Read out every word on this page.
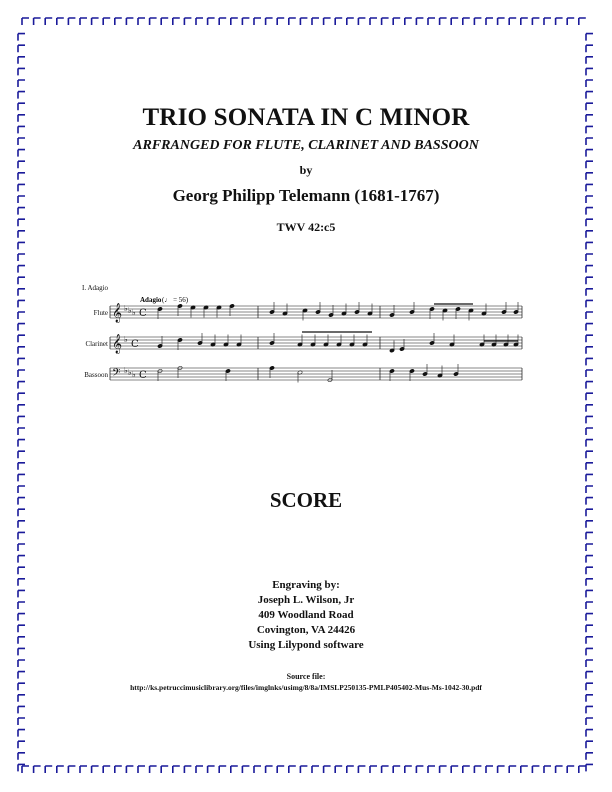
TRIO SONATA IN C MINOR
ARFRANGED FOR FLUTE, CLARINET AND BASSOON
by
Georg Philipp Telemann (1681-1767)
TWV 42:c5
I. Adagio
Flute
Clarinet
Bassoon
Adagio (♩ = 56)
𝄞 ♭ ♭ ♭ C
𝄞 ♭ C
𝄢 ♭ ♭ ♭ C
SCORE
Engraving by:
Joseph L. Wilson, Jr
409 Woodland Road
Covington, VA 24426
Using Lilypond software
Source file:
http://ks.petruccimusiclibrary.org/files/imglnks/usimg/8/8a/IMSLP250135-PMLP405402-Mus-Ms-1042-30.pdf
